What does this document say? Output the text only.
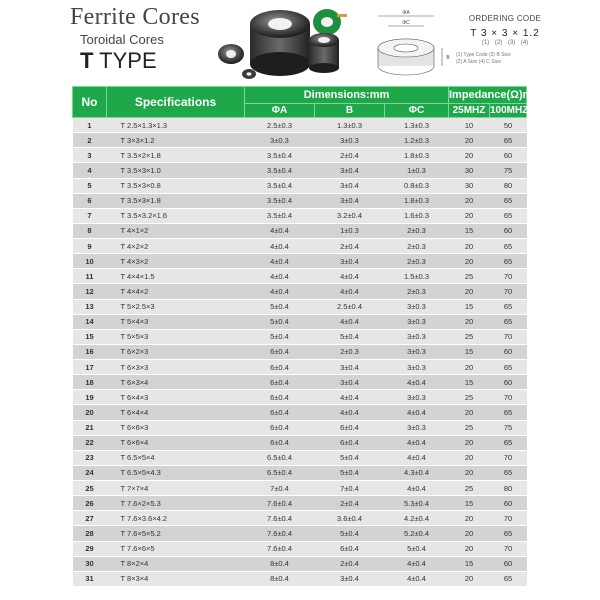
Ferrite Cores
Toroidal Cores
T TYPE
ΦA
ΦC
B
ORDERING CODE
T 3 × 3 × 1.2
(1) (2) (3) (4)
(1) Type Code (3) B Size
(2) A Size (4) C Size
No	Specifications	Dimensions:mm			Impedance(Ω)min	
		ΦA	B	ΦC	25MHZ	100MHZ
1	T 2.5×1.3×1.3	2.5±0.3	1.3±0.3	1.3±0.3	10	50
2	T 3×3×1.2	3±0.3	3±0.3	1.2±0.3	20	65
3	T 3.5×2×1.8	3.5±0.4	2±0.4	1.8±0.3	20	60
4	T 3.5×3×1.0	3.5±0.4	3±0.4	1±0.3	30	75
5	T 3.5×3×0.8	3.5±0.4	3±0.4	0.8±0.3	30	80
6	T 3.5×3×1.8	3.5±0.4	3±0.4	1.8±0.3	20	65
7	T 3.5×3.2×1.6	3.5±0.4	3.2±0.4	1.6±0.3	20	65
8	T 4×1×2	4±0.4	1±0.3	2±0.3	15	60
9	T 4×2×2	4±0.4	2±0.4	2±0.3	20	65
10	T 4×3×2	4±0.4	3±0.4	2±0.3	20	65
11	T 4×4×1.5	4±0.4	4±0.4	1.5±0.3	25	70
12	T 4×4×2	4±0.4	4±0.4	2±0.3	20	70
13	T 5×2.5×3	5±0.4	2.5±0.4	3±0.3	15	65
14	T 5×4×3	5±0.4	4±0.4	3±0.3	20	65
15	T 5×5×3	5±0.4	5±0.4	3±0.3	25	70
16	T 6×2×3	6±0.4	2±0.3	3±0.3	15	60
17	T 6×3×3	6±0.4	3±0.4	3±0.3	20	65
18	T 6×3×4	6±0.4	3±0.4	4±0.4	15	60
19	T 6×4×3	6±0.4	4±0.4	3±0.3	25	70
20	T 6×4×4	6±0.4	4±0.4	4±0.4	20	65
21	T 6×6×3	6±0.4	6±0.4	3±0.3	25	75
22	T 6×6×4	6±0.4	6±0.4	4±0.4	20	65
23	T 6.5×5×4	6.5±0.4	5±0.4	4±0.4	20	70
24	T 6.5×5×4.3	6.5±0.4	5±0.4	4.3±0.4	20	65
25	T 7×7×4	7±0.4	7±0.4	4±0.4	25	80
26	T 7.6×2×5.3	7.6±0.4	2±0.4	5.3±0.4	15	60
27	T 7.6×3.6×4.2	7.6±0.4	3.6±0.4	4.2±0.4	20	70
28	T 7.6×5×5.2	7.6±0.4	5±0.4	5.2±0.4	20	65
29	T 7.6×6×5	7.6±0.4	6±0.4	5±0.4	20	70
30	T 8×2×4	8±0.4	2±0.4	4±0.4	15	60
31	T 8×3×4	8±0.4	3±0.4	4±0.4	20	65
